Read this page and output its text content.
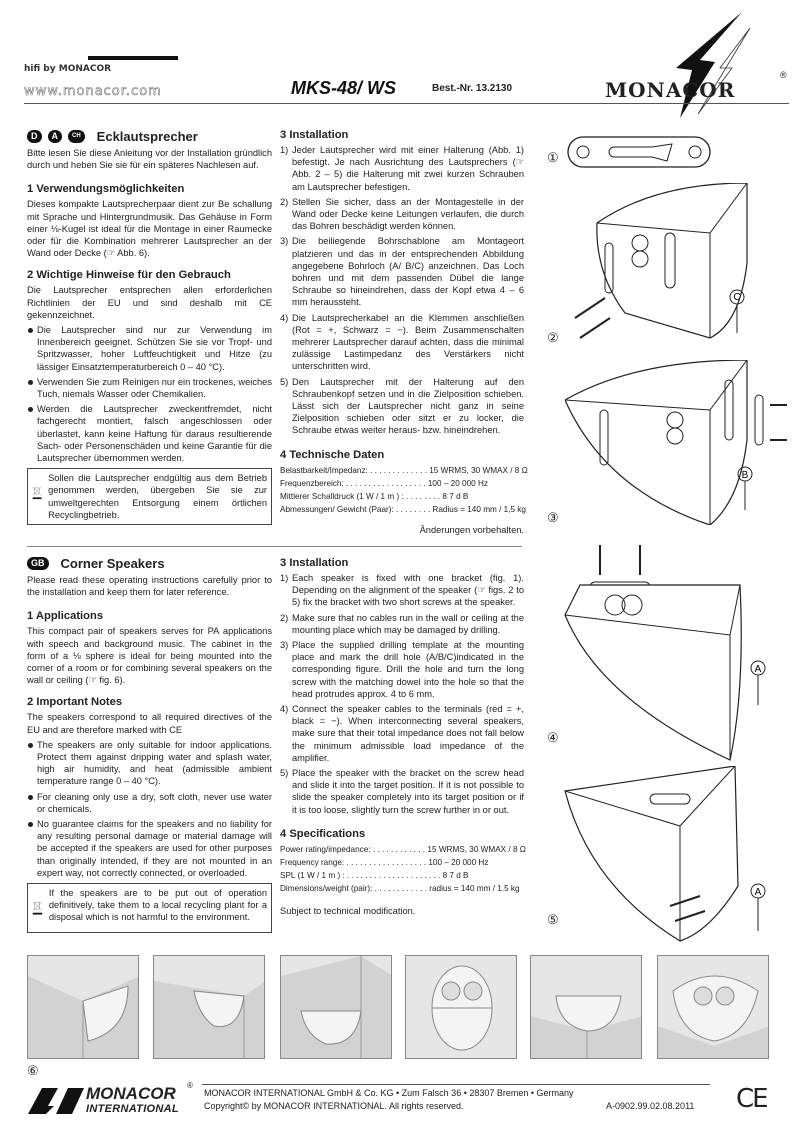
hifi by MONACOR
www.monacor.com	MKS-48/ WS	Best.-Nr. 13.2130	MONACOR
®
D	A	CH	Ecklautsprecher

Bitte lesen Sie diese Anleitung vor der Installation gründlich durch und heben Sie sie für ein späteres Nachlesen auf.

1 Verwendungsmöglichkeiten

Dieses kompakte Lautsprecherpaar dient zur Be schallung mit Sprache und Hintergrundmusik. Das Gehäuse in Form einer ⅛-Kugel ist ideal für die Montage in einer Raumecke oder für die Kombination mehrerer Lautsprecher an der Wand oder Decke (☞ Abb. 6).

2 Wichtige Hinweise für den Gebrauch

Die Lautsprecher entsprechen allen erforderlichen Richtlinien der EU und sind deshalb mit CE gekennzeichnet.

Die Lautsprecher sind nur zur Verwendung im Innenbereich geeignet. Schützen Sie sie vor Tropf- und Spritzwasser, hoher Luftfeuchtigkeit und Hitze (zu lässiger Einsatztemperaturbereich 0 – 40 °C).
Verwenden Sie zum Reinigen nur ein trockenes, weiches Tuch, niemals Wasser oder Chemikalien.
Werden die Lautsprecher zweckentfremdet, nicht fachgerecht montiert, falsch angeschlossen oder überlastet, kann keine Haftung für daraus resultierende Sach- oder Personenschäden und keine Garantie für die Lautsprecher übernommen werden.
Sollen die Lautsprecher endgültig aus dem Betrieb genommen werden, übergeben Sie sie zur umweltgerechten Entsorgung einem örtlichen Recyclingbetrieb.
3 Installation
1) Jeder Lautsprecher wird mit einer Halterung (Abb. 1) befestigt. Je nach Ausrichtung des Lautsprechers (☞ Abb. 2 – 5) die Halterung mit zwei kurzen Schrauben am Lautsprecher befestigen.
2) Stellen Sie sicher, dass an der Montagestelle in der Wand oder Decke keine Leitungen verlaufen, die durch das Bohren beschädigt werden können.
3) Die beiliegende Bohrschablone am Montageort platzieren und das in der entsprechenden Abbildung angegebene Bohrloch (A/ B/C) anzeichnen. Das Loch bohren und mit dem passenden Dübel die lange Schraube so hineindrehen, dass der Kopf etwa 4 – 6 mm heraussteht.
4) Die Lautsprecherkabel an die Klemmen anschließen (Rot = +, Schwarz = −). Beim Zusammenschalten mehrerer Lautsprecher darauf achten, dass die minimal zulässige Lastimpedanz des Verstärkers nicht unterschritten wird.
5) Den Lautsprecher mit der Halterung auf den Schraubenkopf setzen und in die Zielposition schieben. Lässt sich der Lautsprecher nicht ganz in seine Zielposition schieben oder sitzt er zu locker, die Schraube etwas weiter heraus- bzw. hineindrehen.
4 Technische Daten
Belastbarkeit/Impedanz: . . . . . . . . . . . . . 15 WRMS, 30 WMAX / 8 Ω
Frequenzbereich: . . . . . . . . . . . . . . . . . . 100 – 20 000 Hz
Mittlerer Schalldruck (1 W / 1 m ) : . . . . . . . . 8 7 d B
Abmessungen/ Gewicht (Paar): . . . . . . . . Radius = 140 mm / 1,5 kg
Änderungen vorbehalten.
GB	Corner Speakers

Please read these operating instructions carefully prior to the installation and keep them for later reference.

1 Applications

This compact pair of speakers serves for PA applications with speech and background music. The cabinet in the form of a ⅛ sphere is ideal for being mounted into the corner of a room or for combining several speakers on the wall or ceiling (☞ fig. 6).

2 Important Notes

The speakers correspond to all required directives of the EU and are therefore marked with CE

The speakers are only suitable for indoor applications. Protect them against dripping water and splash water, high air humidity, and heat (admissible ambient temperature range 0 – 40 °C).
For cleaning only use a dry, soft cloth, never use water or chemicals.
No guarantee claims for the speakers and no liability for any resulting personal damage or material damage will be accepted if the speakers are used for other purposes than originally intended, if they are not mounted in an expert way, not correctly connected, or overloaded.
If the speakers are to be put out of operation definitively, take them to a local recycling plant for a disposal which is not harmful to the environment.
3 Installation
1) Each speaker is fixed with one bracket (fig. 1). Depending on the alignment of the speaker (☞ figs. 2 to 5) fix the bracket with two short screws at the speaker.
2) Make sure that no cables run in the wall or ceiling at the mounting place which may be damaged by drilling.
3) Place the supplied drilling template at the mounting place and mark the drill hole (A/B/C)indicated in the corresponding figure. Drill the hole and turn the long screw with the matching dowel into the hole so that the head protrudes approx. 4 to 6 mm.
4) Connect the speaker cables to the terminals (red = +, black = −). When interconnecting several speakers, make sure that their total impedance does not fall below the minimum admissible load impedance of the amplifier.
5) Place the speaker with the bracket on the screw head and slide it into the target position. If it is not possible to slide the speaker completely into its target position or if it is too loose, slightly turn the screw further in or out.
4 Specifications
Power rating/impedance: . . . . . . . . . . . . 15 WRMS, 30 WMAX / 8 Ω
Frequency range: . . . . . . . . . . . . . . . . . . 100 – 20 000 Hz
SPL (1 W / 1 m ) : . . . . . . . . . . . . . . . . . . . . . 8 7 d B
Dimensions/weight (pair): . . . . . . . . . . . . radius = 140 mm / 1.5 kg
Subject to technical modification.
①
②
C
③
B
④
A
⑤
A
⑥
MONACOR
INTERNATIONAL
®
MONACOR INTERNATIONAL GmbH & Co. KG • Zum Falsch 36 • 28307 Bremen • Germany
Copyright© by MONACOR INTERNATIONAL. All rights reserved.	A-0902.99.02.08.2011 CE
